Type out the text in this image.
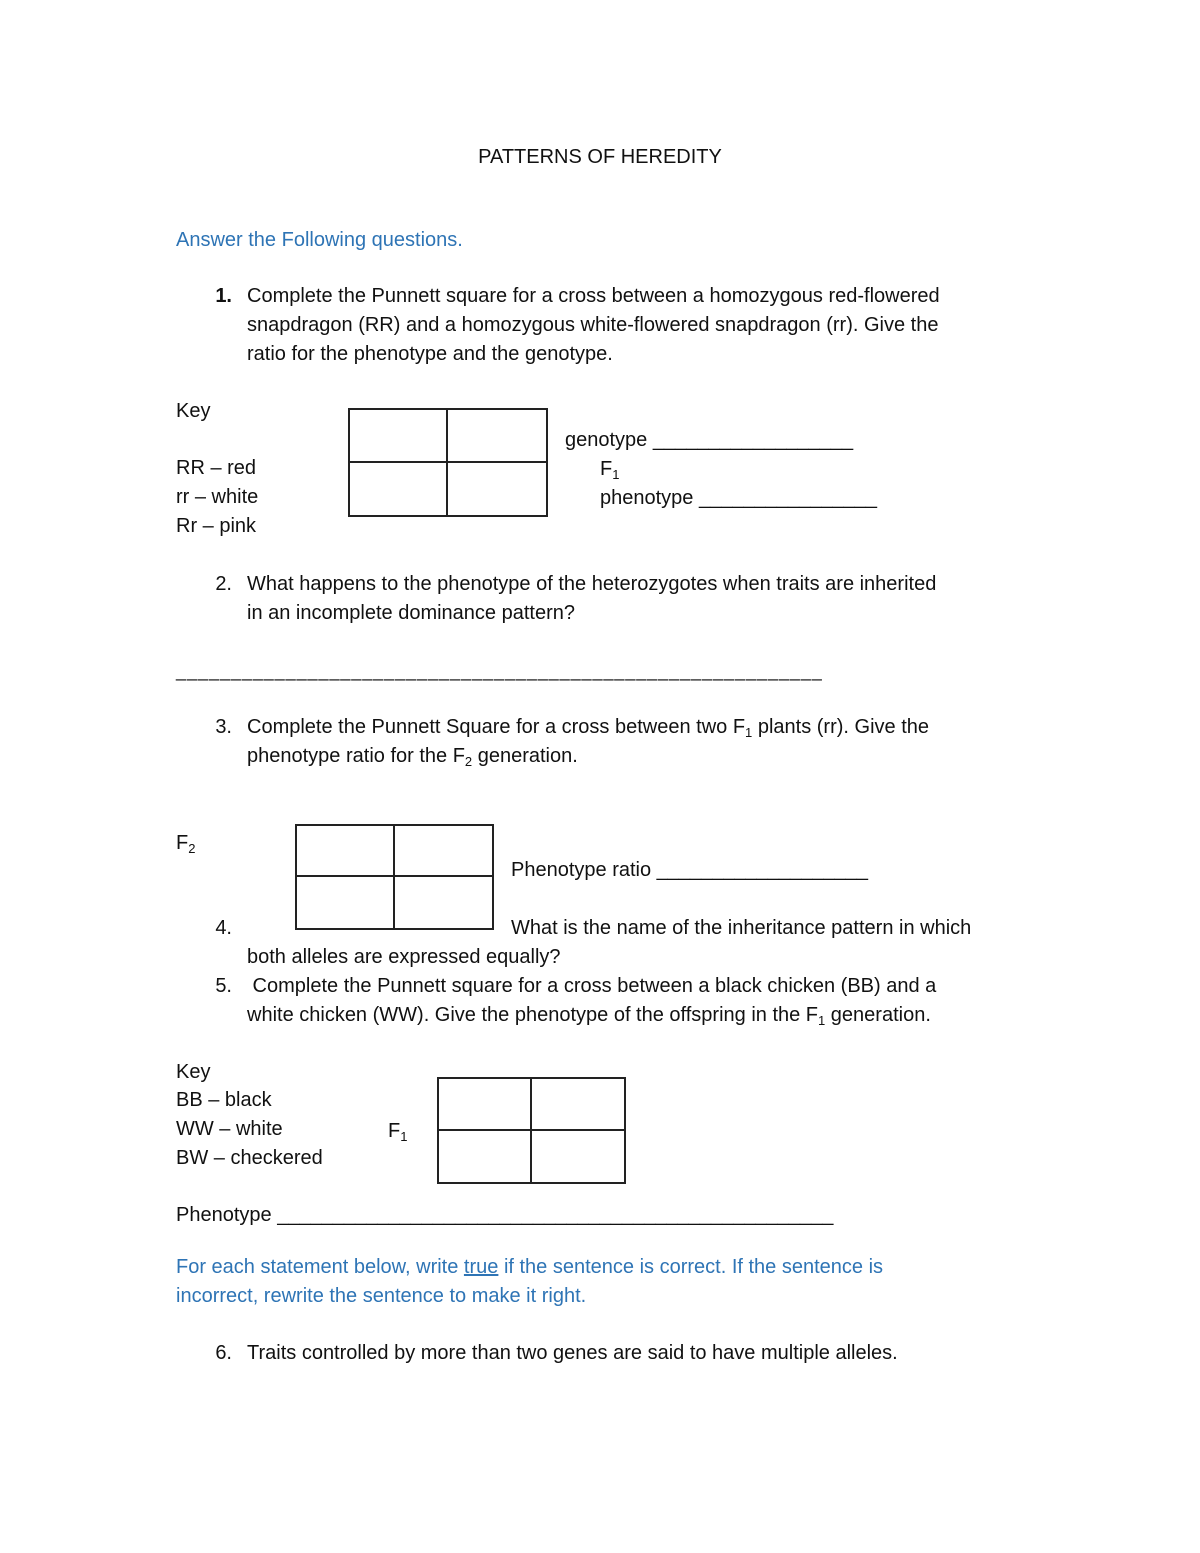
PATTERNS OF HEREDITY
Answer the Following questions.
1. Complete the Punnett square for a cross between a homozygous red-flowered
snapdragon (RR) and a homozygous white-flowered snapdragon (rr). Give the
ratio for the phenotype and the genotype.
Key
RR – red
rr – white
Rr – pink
genotype __________________
$F_1$
phenotype ________________
2. What happens to the phenotype of the heterozygotes when traits are inherited
in an incomplete dominance pattern?
___________________________________________________________
3. Complete the Punnett Square for a cross between two $F_1$ plants (rr). Give the
phenotype ratio for the $F_2$ generation.
$F_2$
Phenotype ratio ___________________
4.	What is the name of the inheritance pattern in which
both alleles are expressed equally?
5. Complete the Punnett square for a cross between a black chicken (BB) and a
white chicken (WW). Give the phenotype of the offspring in the $F_1$ generation.
Key
BB – black
WW – white
BW – checkered
$F_1$
Phenotype __________________________________________________
For each statement below, write true if the sentence is correct. If the sentence is
incorrect, rewrite the sentence to make it right.
6. Traits controlled by more than two genes are said to have multiple alleles.
